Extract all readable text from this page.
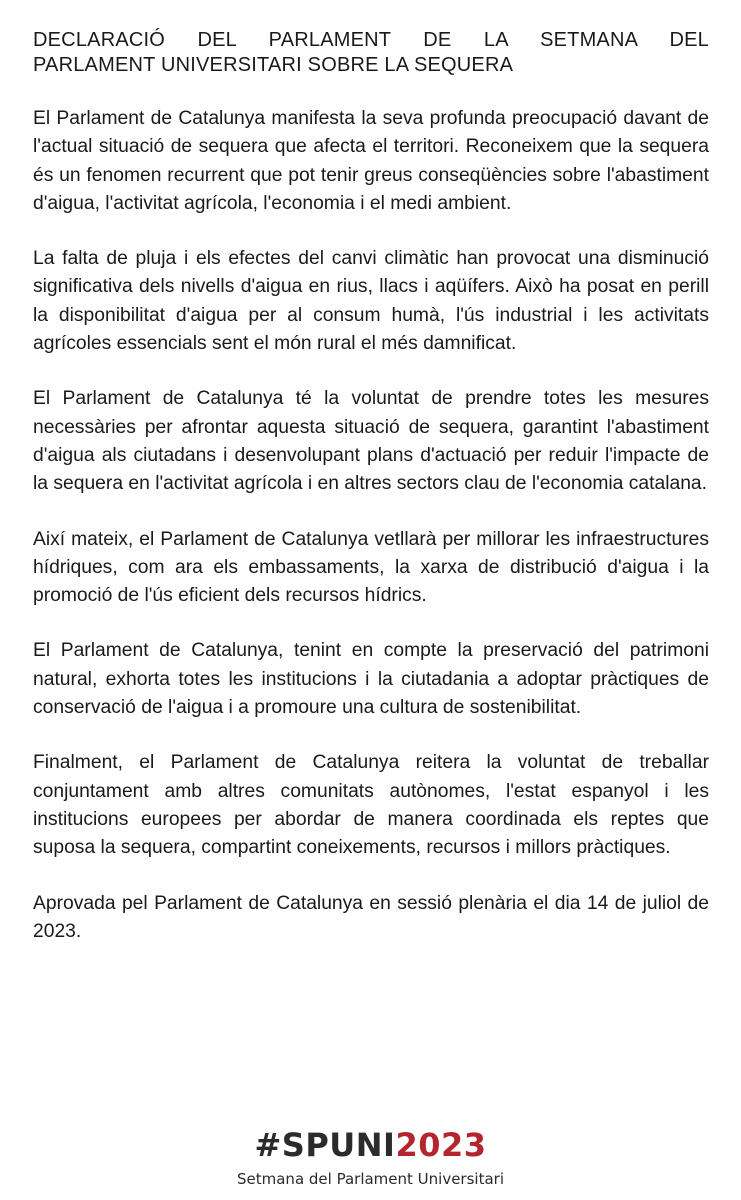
DECLARACIÓ DEL PARLAMENT DE LA SETMANA DEL
PARLAMENT UNIVERSITARI SOBRE LA SEQUERA

El Parlament de Catalunya manifesta la seva profunda preocupació davant de l'actual situació de sequera que afecta el territori. Reconeixem que la sequera és un fenomen recurrent que pot tenir greus conseqüències sobre l'abastiment d'aigua, l'activitat agrícola, l'economia i el medi ambient.

La falta de pluja i els efectes del canvi climàtic han provocat una disminució significativa dels nivells d'aigua en rius, llacs i aqüífers. Això ha posat en perill la disponibilitat d'aigua per al consum humà, l'ús industrial i les activitats agrícoles essencials sent el món rural el més damnificat.

El Parlament de Catalunya té la voluntat de prendre totes les mesures necessàries per afrontar aquesta situació de sequera, garantint l'abastiment d'aigua als ciutadans i desenvolupant plans d'actuació per reduir l'impacte de la sequera en l'activitat agrícola i en altres sectors clau de l'economia catalana.

Així mateix, el Parlament de Catalunya vetllarà per millorar les infraestructures hídriques, com ara els embassaments, la xarxa de distribució d'aigua i la promoció de l'ús eficient dels recursos hídrics.

El Parlament de Catalunya, tenint en compte la preservació del patrimoni natural, exhorta totes les institucions i la ciutadania a adoptar pràctiques de conservació de l'aigua i a promoure una cultura de sostenibilitat.

Finalment, el Parlament de Catalunya reitera la voluntat de treballar conjuntament amb altres comunitats autònomes, l'estat espanyol i les institucions europees per abordar de manera coordinada els reptes que suposa la sequera, compartint coneixements, recursos i millors pràctiques.

Aprovada pel Parlament de Catalunya en sessió plenària el dia 14 de juliol de 2023.

#SPUNI2023
Setmana del Parlament Universitari
